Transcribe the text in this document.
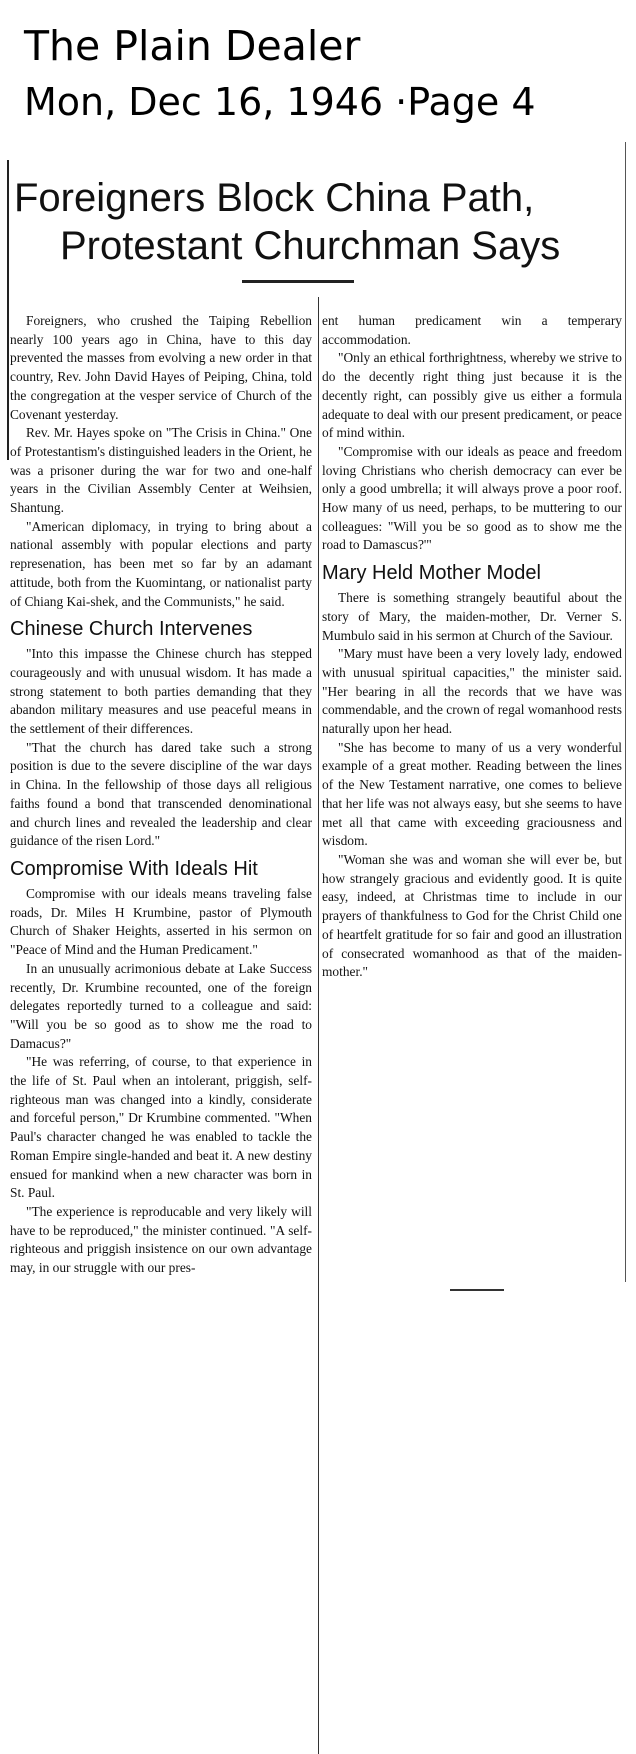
The Plain Dealer
Mon, Dec 16, 1946 ·Page 4
Foreigners Block China Path,
Protestant Churchman Says

Foreigners, who crushed the Taiping Rebellion nearly 100 years ago in China, have to this day prevented the masses from evolving a new order in that country, Rev. John David Hayes of Peiping, China, told the congregation at the vesper service of Church of the Covenant yesterday.

Rev. Mr. Hayes spoke on "The Crisis in China." One of Protestantism's distinguished leaders in the Orient, he was a prisoner during the war for two and one-half years in the Civilian Assembly Center at Weihsien, Shantung.

"American diplomacy, in trying to bring about a national assembly with popular elections and party represenation, has been met so far by an adamant attitude, both from the Kuomintang, or nationalist party of Chiang Kai-shek, and the Communists," he said.

Chinese Church Intervenes

"Into this impasse the Chinese church has stepped courageously and with unusual wisdom. It has made a strong statement to both parties demanding that they abandon military measures and use peaceful means in the settlement of their differences.

"That the church has dared take such a strong position is due to the severe discipline of the war days in China. In the fellowship of those days all religious faiths found a bond that transcended denominational and church lines and revealed the leadership and clear guidance of the risen Lord."

Compromise With Ideals Hit

Compromise with our ideals means traveling false roads, Dr. Miles H Krumbine, pastor of Plymouth Church of Shaker Heights, asserted in his sermon on "Peace of Mind and the Human Predicament."

In an unusually acrimonious debate at Lake Success recently, Dr. Krumbine recounted, one of the foreign delegates reportedly turned to a colleague and said: "Will you be so good as to show me the road to Damacus?"

"He was referring, of course, to that experience in the life of St. Paul when an intolerant, priggish, self-righteous man was changed into a kindly, considerate and forceful person," Dr Krumbine commented. "When Paul's character changed he was enabled to tackle the Roman Empire single-handed and beat it. A new destiny ensued for mankind when a new character was born in St. Paul.

"The experience is reproducable and very likely will have to be reproduced," the minister continued. "A self-righteous and priggish insistence on our own advantage may, in our struggle with our pres-

ent human predicament win a temperary accommodation.

"Only an ethical forthrightness, whereby we strive to do the decently right thing just because it is the decently right, can possibly give us either a formula adequate to deal with our present predicament, or peace of mind within.

"Compromise with our ideals as peace and freedom loving Christians who cherish democracy can ever be only a good umbrella; it will always prove a poor roof. How many of us need, perhaps, to be muttering to our colleagues: "Will you be so good as to show me the road to Damascus?'"

Mary Held Mother Model

There is something strangely beautiful about the story of Mary, the maiden-mother, Dr. Verner S. Mumbulo said in his sermon at Church of the Saviour.

"Mary must have been a very lovely lady, endowed with unusual spiritual capacities," the minister said. "Her bearing in all the records that we have was commendable, and the crown of regal womanhood rests naturally upon her head.

"She has become to many of us a very wonderful example of a great mother. Reading between the lines of the New Testament narrative, one comes to believe that her life was not always easy, but she seems to have met all that came with exceeding graciousness and wisdom.

"Woman she was and woman she will ever be, but how strangely gracious and evidently good. It is quite easy, indeed, at Christmas time to include in our prayers of thankfulness to God for the Christ Child one of heartfelt gratitude for so fair and good an illustration of consecrated womanhood as that of the maiden-mother."
